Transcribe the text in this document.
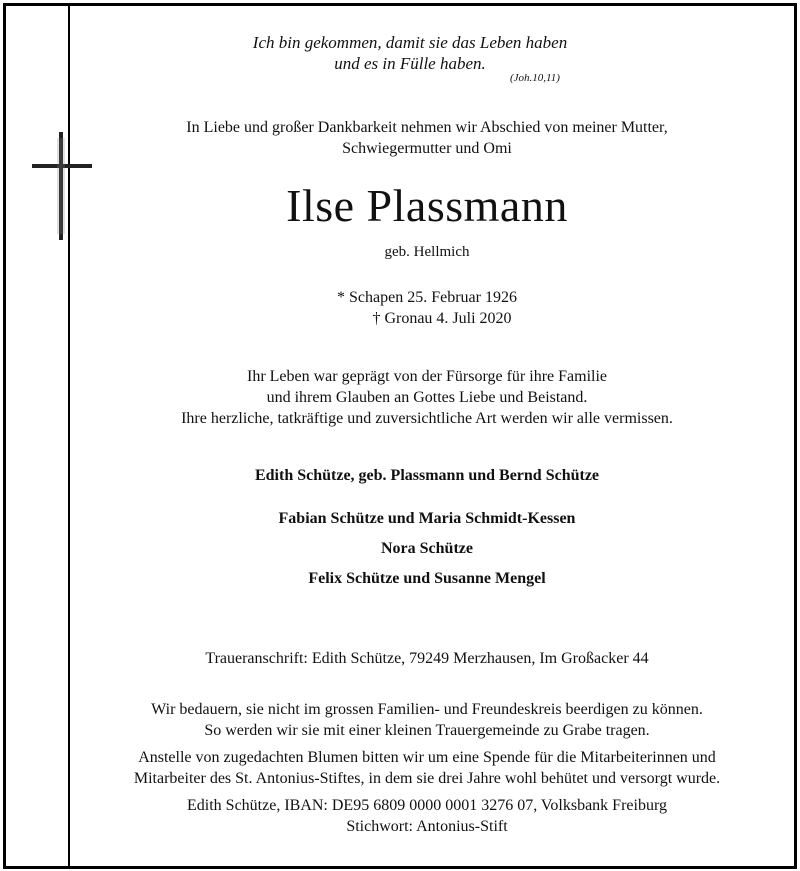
Ich bin gekommen, damit sie das Leben haben
und es in Fülle haben.
(Joh.10,11)
In Liebe und großer Dankbarkeit nehmen wir Abschied von meiner Mutter,
Schwiegermutter und Omi
Ilse Plassmann
geb. Hellmich
* Schapen 25. Februar 1926
† Gronau 4. Juli 2020
Ihr Leben war geprägt von der Fürsorge für ihre Familie
und ihrem Glauben an Gottes Liebe und Beistand.
Ihre herzliche, tatkräftige und zuversichtliche Art werden wir alle vermissen.
Edith Schütze, geb. Plassmann und Bernd Schütze
Fabian Schütze und Maria Schmidt-Kessen
Nora Schütze
Felix Schütze und Susanne Mengel
Traueranschrift: Edith Schütze, 79249 Merzhausen, Im Großacker 44
Wir bedauern, sie nicht im grossen Familien- und Freundeskreis beerdigen zu können.
So werden wir sie mit einer kleinen Trauergemeinde zu Grabe tragen.
Anstelle von zugedachten Blumen bitten wir um eine Spende für die Mitarbeiterinnen und
Mitarbeiter des St. Antonius-Stiftes, in dem sie drei Jahre wohl behütet und versorgt wurde.
Edith Schütze, IBAN: DE95 6809 0000 0001 3276 07, Volksbank Freiburg
Stichwort: Antonius-Stift
